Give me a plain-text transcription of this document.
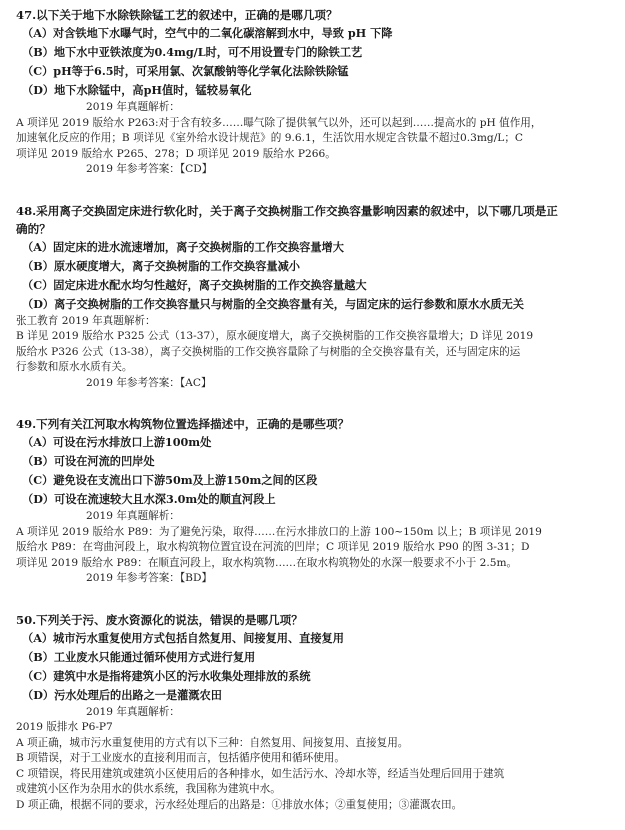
47.以下关于地下水除铁除锰工艺的叙述中，正确的是哪几项？
（A）对含铁地下水曝气时，空气中的二氧化碳溶解到水中，导致 pH 下降
（B）地下水中亚铁浓度为0.4mg/L时，可不用设置专门的除铁工艺
（C）pH等于6.5时，可采用氯、次氯酸钠等化学氧化法除铁除锰
（D）地下水除锰中，高pH值时，锰较易氧化
2019 年真题解析：
A 项详见 2019 版给水 P263:对于含有较多……曝气除了提供氧气以外，还可以起到……提高水的 pH 值作用，
加速氧化反应的作用；B 项详见《室外给水设计规范》的 9.6.1，生活饮用水规定含铁量不超过0.3mg/L；C
项详见 2019 版给水 P265、278；D 项详见 2019 版给水 P266。
2019 年参考答案：【CD】
48.采用离子交换固定床进行软化时，关于离子交换树脂工作交换容量影响因素的叙述中，以下哪几项是正
确的？
（A）固定床的进水流速增加，离子交换树脂的工作交换容量增大
（B）原水硬度增大，离子交换树脂的工作交换容量减小
（C）固定床进水配水均匀性越好，离子交换树脂的工作交换容量越大
（D）离子交换树脂的工作交换容量只与树脂的全交换容量有关，与固定床的运行参数和原水水质无关
张工教育 2019 年真题解析：
B 详见 2019 版给水 P325 公式（13-37），原水硬度增大，离子交换树脂的工作交换容量增大；D 详见 2019
版给水 P326 公式（13-38），离子交换树脂的工作交换容量除了与树脂的全交换容量有关，还与固定床的运
行参数和原水水质有关。
2019 年参考答案：【AC】
49.下列有关江河取水构筑物位置选择描述中，正确的是哪些项？
（A）可设在污水排放口上游100m处
（B）可设在河流的凹岸处
（C）避免设在支流出口下游50m及上游150m之间的区段
（D）可设在流速较大且水深3.0m处的顺直河段上
2019 年真题解析：
A 项详见 2019 版给水 P89：为了避免污染，取得……在污水排放口的上游 100~150m 以上；B 项详见 2019
版给水 P89：在弯曲河段上，取水构筑物位置宜设在河流的凹岸；C 项详见 2019 版给水 P90 的图 3-31；D
项详见 2019 版给水 P89：在顺直河段上，取水构筑物……在取水构筑物处的水深一般要求不小于 2.5m。
2019 年参考答案：【BD】
50.下列关于污、废水资源化的说法，错误的是哪几项？
（A）城市污水重复使用方式包括自然复用、间接复用、直接复用
（B）工业废水只能通过循环使用方式进行复用
（C）建筑中水是指将建筑小区的污水收集处理排放的系统
（D）污水处理后的出路之一是灌溉农田
2019 年真题解析：
2019 版排水 P6-P7
A 项正确，城市污水重复使用的方式有以下三种：自然复用、间接复用、直接复用。
B 项错误，对于工业废水的直接利用而言，包括循序使用和循环使用。
C 项错误，将民用建筑或建筑小区使用后的各种排水，如生活污水、冷却水等，经适当处理后回用于建筑
或建筑小区作为杂用水的供水系统，我国称为建筑中水。
D 项正确，根据不同的要求，污水经处理后的出路是：①排放水体；②重复使用；③灌溉农田。
